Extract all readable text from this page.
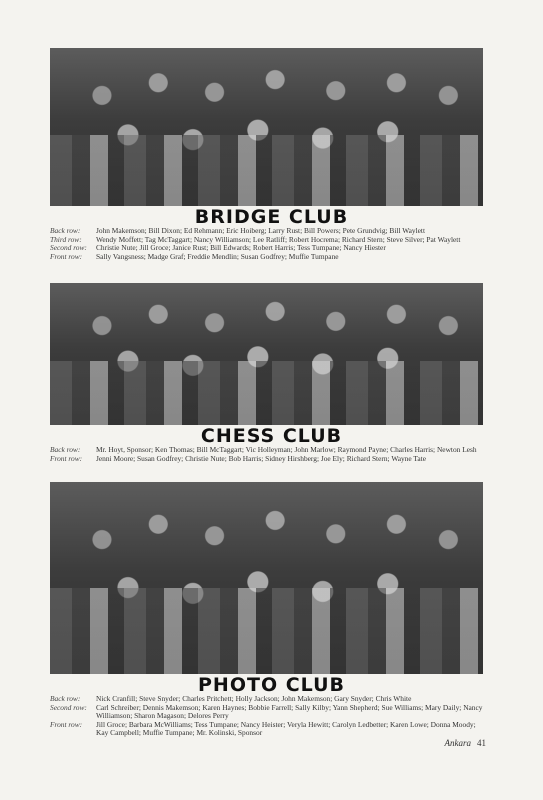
BRIDGE CLUB
Back row:	John Makemson; Bill Dixon; Ed Rehmann; Eric Hoiberg; Larry Rust; Bill Powers; Pete Grundvig; Bill Waylett
Third row:	Wendy Moffett; Tag McTaggart; Nancy Williamson; Lee Ratliff; Robert Hocrema; Richard Stern; Steve Silver; Pat Waylett
Second row:	Christie Nute; Jill Groce; Janice Rust; Bill Edwards; Robert Harris; Tess Tumpane; Nancy Hiester
Front row:	Sally Vangsness; Madge Graf; Freddie Mendlin; Susan Godfrey; Muffie Tumpane
CHESS CLUB
Back row:	Mr. Hoyt, Sponsor; Ken Thomas; Bill McTaggart; Vic Holleyman; John Marlow; Raymond Payne; Charles Harris; Newton Lesh
Front row:	Jenni Moore; Susan Godfrey; Christie Nute; Bob Harris; Sidney Hirshberg; Joe Ely; Richard Stern; Wayne Tate
PHOTO CLUB
Back row:	Nick Cranfill; Steve Snyder; Charles Pritchett; Holly Jackson; John Makemson; Gary Snyder; Chris White
Second row:	Carl Schreiber; Dennis Makemson; Karen Haynes; Bobbie Farrell; Sally Kilby; Yann Shepherd; Sue Williams; Mary Daily; Nancy Williamson; Sharon Magason; Delores Perry
Front row:	Jill Groce; Barbara McWilliams; Tess Tumpane; Nancy Heister; Veryla Hewitt; Carolyn Ledbetter; Karen Lowe; Donna Moody; Kay Campbell; Muffie Tumpane; Mr. Kolinski, Sponsor
Ankara 41
